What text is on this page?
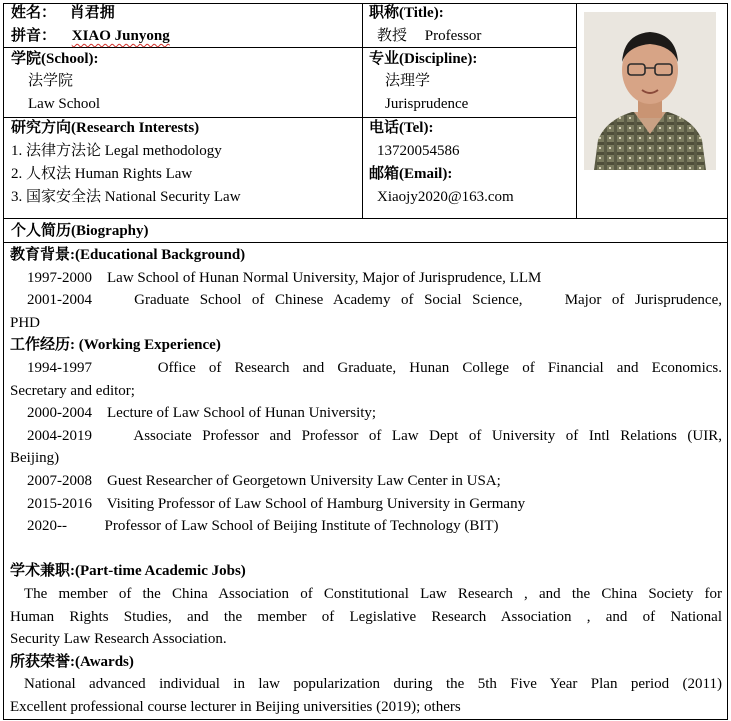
姓名： 肖君拥
拼音： XIAO Junyong
职称(Title):
教授 Professor
学院(School):
法学院
Law School
专业(Discipline):
法理学
Jurisprudence
研究方向(Research Interests)
1. 法律方法论 Legal methodology
2. 人权法 Human Rights Law
3. 国家安全法 National Security Law
电话(Tel):
13720054586
邮箱(Email):
Xiaojy2020@163.com
个人简历(Biography)
教育背景:(Educational Background)
1997-2000    Law School of Hunan Normal University, Major of Jurisprudence, LLM
2001-2004    Graduate School of Chinese Academy of Social Science,    Major of Jurisprudence,
PHD
工作经历: (Working Experience)
1994-1997     Office of Research and Graduate, Hunan College of Financial and Economics.
Secretary and editor;
2000-2004    Lecture of Law School of Hunan University;
2004-2019    Associate Professor and Professor of Law Dept of University of Intl Relations (UIR,
Beijing)
2007-2008    Guest Researcher of Georgetown University Law Center in USA;
2015-2016    Visiting Professor of Law School of Hamburg University in Germany
2020--          Professor of Law School of Beijing Institute of Technology (BIT)
学术兼职:(Part-time Academic Jobs)
The member of the China Association of Constitutional Law Research , and the China Society for
Human Rights Studies, and the member of Legislative Research Association , and of National
Security Law Research Association.
所获荣誉:(Awards)
National advanced individual in law popularization during the 5th Five Year Plan period (2011)
Excellent professional course lecturer in Beijing universities (2019); others
